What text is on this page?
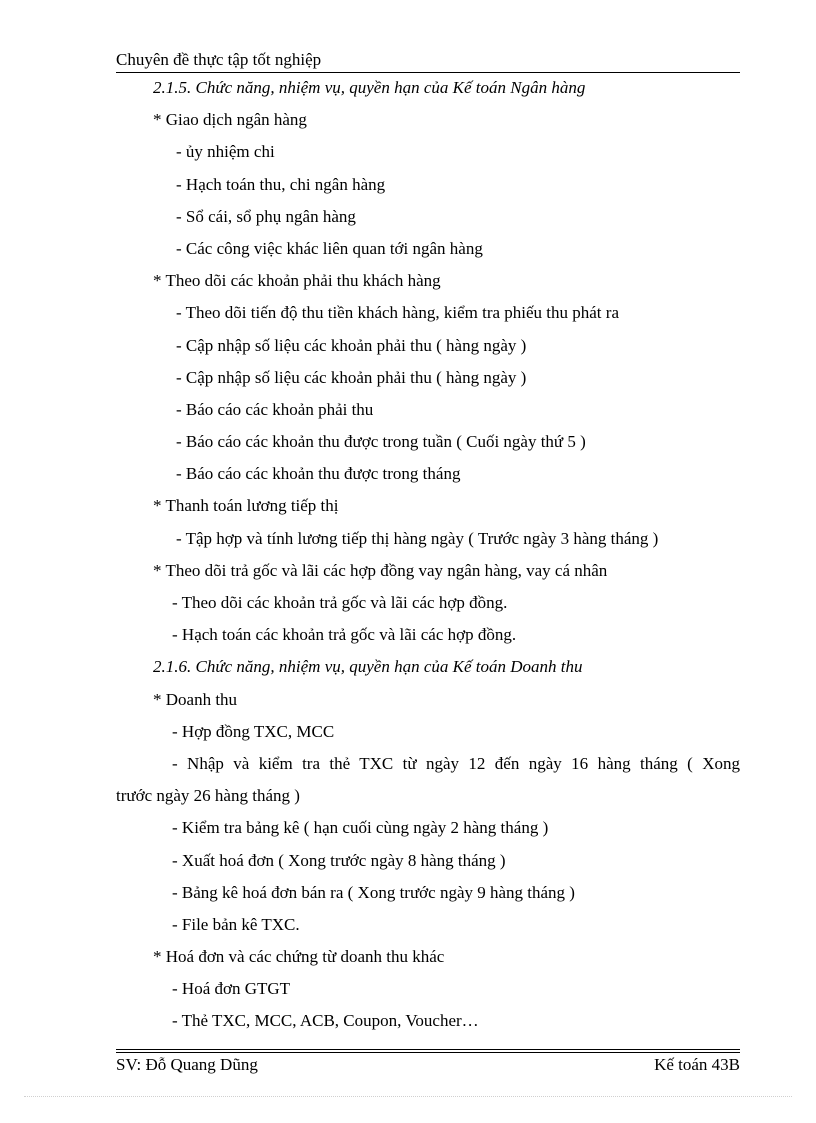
Chuyên đề thực tập tốt nghiệp
2.1.5. Chức năng, nhiệm vụ, quyền hạn của Kế toán Ngân hàng
* Giao dịch ngân hàng
- ủy nhiệm chi
- Hạch toán thu, chi ngân hàng
- Sổ cái, sổ phụ ngân hàng
- Các công việc khác liên quan tới ngân hàng
* Theo dõi các khoản phải thu khách hàng
- Theo dõi tiến độ thu tiền khách hàng, kiểm tra phiếu thu phát ra
- Cập nhập số liệu các khoản phải thu ( hàng ngày )
- Cập nhập số liệu các khoản phải thu ( hàng ngày )
- Báo cáo các khoản phải thu
- Báo cáo các khoản thu được trong tuần ( Cuối ngày thứ 5 )
- Báo cáo các khoản thu được trong tháng
* Thanh toán lương tiếp thị
- Tập hợp và tính lương tiếp thị hàng ngày ( Trước ngày 3 hàng tháng )
* Theo dõi trả gốc và lãi các hợp đồng vay ngân hàng, vay cá nhân
- Theo dõi các khoản trả gốc và lãi các hợp đồng.
- Hạch toán các khoản trả gốc và lãi các hợp đồng.
2.1.6. Chức năng, nhiệm vụ, quyền hạn của Kế toán Doanh thu
* Doanh thu
- Hợp đồng TXC, MCC
- Nhập và kiểm tra thẻ TXC từ ngày 12 đến ngày 16 hàng tháng ( Xong
trước ngày 26 hàng tháng )
- Kiểm tra bảng kê ( hạn cuối cùng ngày 2 hàng tháng )
- Xuất hoá đơn ( Xong trước ngày 8 hàng tháng )
- Bảng kê hoá đơn bán ra ( Xong trước ngày 9 hàng tháng )
- File bản kê TXC.
* Hoá đơn và các chứng từ doanh thu khác
- Hoá đơn GTGT
- Thẻ TXC, MCC, ACB, Coupon, Voucher…
SV: Đỗ Quang Dũng	Kế toán 43B
